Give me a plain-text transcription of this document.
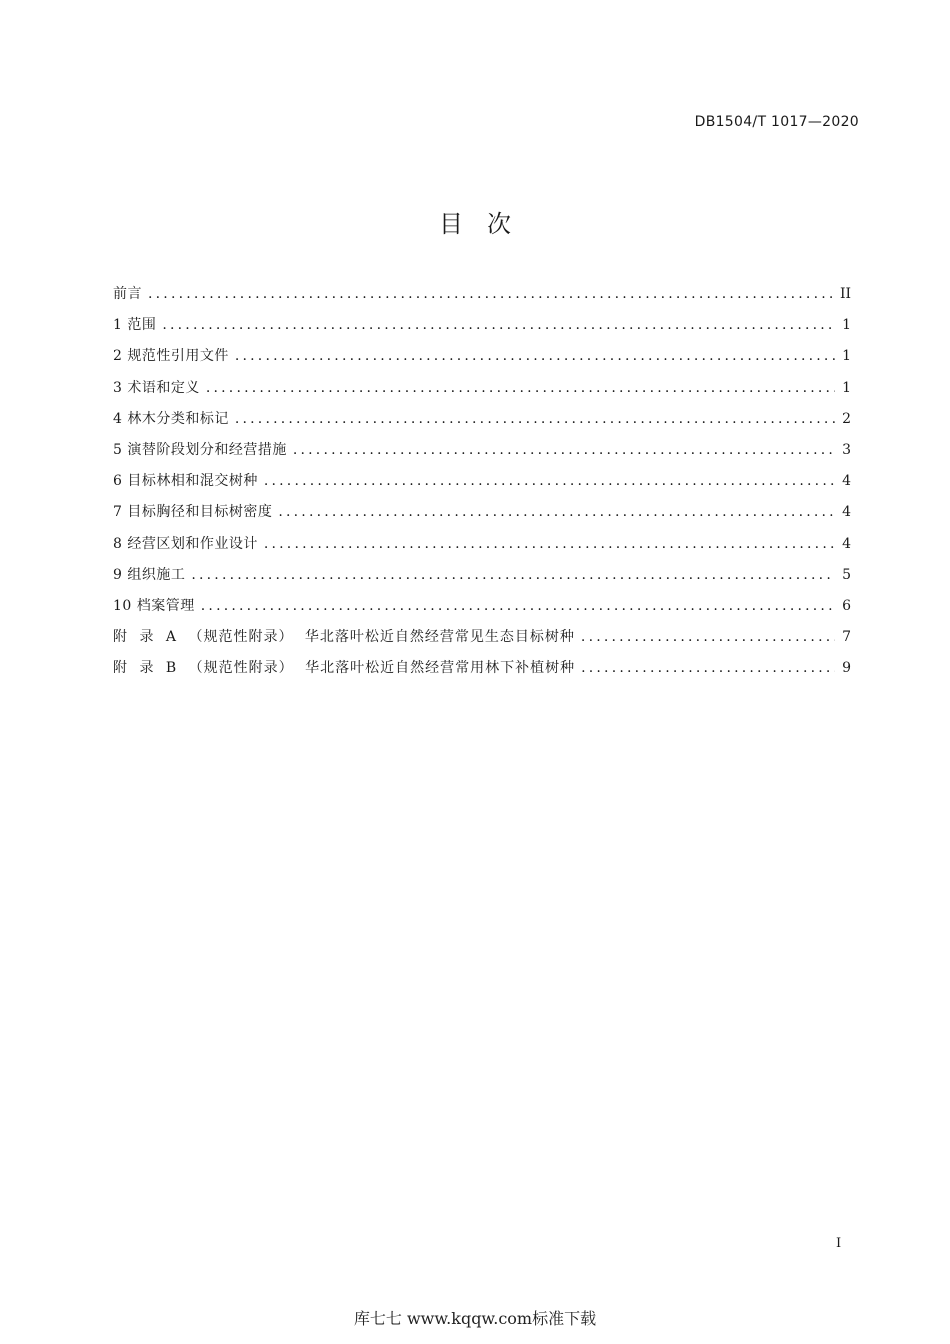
DB1504/T 1017—2020
目次
前言 .....	II
1 范围 .....	1
2 规范性引用文件 .....	1
3 术语和定义 .....	1
4 林木分类和标记 .....	2
5 演替阶段划分和经营措施 .....	3
6 目标林相和混交树种 .....	4
7 目标胸径和目标树密度 .....	4
8 经营区划和作业设计 .....	4
9 组织施工 .....	5
10 档案管理 .....	6
附 录 A （规范性附录） 华北落叶松近自然经营常见生态目标树种 .....	7
附 录 B （规范性附录） 华北落叶松近自然经营常用林下补植树种 .....	9
I
库七七 www.kqqw.com标准下载
